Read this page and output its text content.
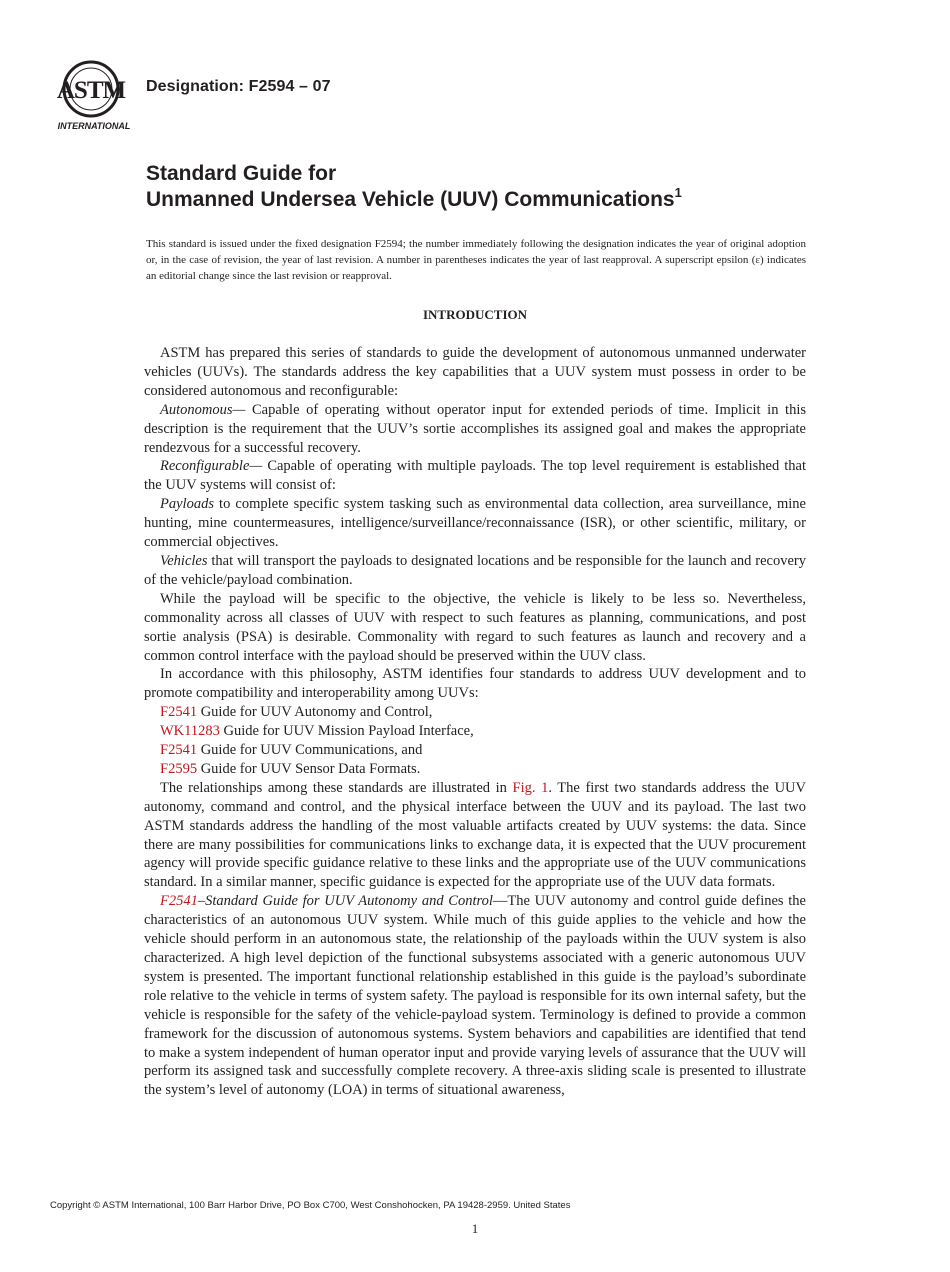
ASTM
INTERNATIONAL
Designation: F2594 – 07
Standard Guide for
Unmanned Undersea Vehicle (UUV) Communications$^1$
This standard is issued under the fixed designation F2594; the number immediately following the designation indicates the year of original adoption or, in the case of revision, the year of last revision. A number in parentheses indicates the year of last reapproval. A superscript epsilon (ε) indicates an editorial change since the last revision or reapproval.
INTRODUCTION

ASTM has prepared this series of standards to guide the development of autonomous unmanned underwater vehicles (UUVs). The standards address the key capabilities that a UUV system must possess in order to be considered autonomous and reconfigurable:

Autonomous— Capable of operating without operator input for extended periods of time. Implicit in this description is the requirement that the UUV’s sortie accomplishes its assigned goal and makes the appropriate rendezvous for a successful recovery.

Reconfigurable— Capable of operating with multiple payloads. The top level requirement is established that the UUV systems will consist of:

Payloads to complete specific system tasking such as environmental data collection, area surveillance, mine hunting, mine countermeasures, intelligence/surveillance/reconnaissance (ISR), or other scientific, military, or commercial objectives.

Vehicles that will transport the payloads to designated locations and be responsible for the launch and recovery of the vehicle/payload combination.

While the payload will be specific to the objective, the vehicle is likely to be less so. Nevertheless, commonality across all classes of UUV with respect to such features as planning, communications, and post sortie analysis (PSA) is desirable. Commonality with regard to such features as launch and recovery and a common control interface with the payload should be preserved within the UUV class.

In accordance with this philosophy, ASTM identifies four standards to address UUV development and to promote compatibility and interoperability among UUVs:

F2541 Guide for UUV Autonomy and Control,

WK11283 Guide for UUV Mission Payload Interface,

F2541 Guide for UUV Communications, and

F2595 Guide for UUV Sensor Data Formats.

The relationships among these standards are illustrated in Fig. 1. The first two standards address the UUV autonomy, command and control, and the physical interface between the UUV and its payload. The last two ASTM standards address the handling of the most valuable artifacts created by UUV systems: the data. Since there are many possibilities for communications links to exchange data, it is expected that the UUV procurement agency will provide specific guidance relative to these links and the appropriate use of the UUV communications standard. In a similar manner, specific guidance is expected for the appropriate use of the UUV data formats.

F2541–Standard Guide for UUV Autonomy and Control—The UUV autonomy and control guide defines the characteristics of an autonomous UUV system. While much of this guide applies to the vehicle and how the vehicle should perform in an autonomous state, the relationship of the payloads within the UUV system is also characterized. A high level depiction of the functional subsystems associated with a generic autonomous UUV system is presented. The important functional relationship established in this guide is the payload’s subordinate role relative to the vehicle in terms of system safety. The payload is responsible for its own internal safety, but the vehicle is responsible for the safety of the vehicle-payload system. Terminology is defined to provide a common framework for the discussion of autonomous systems. System behaviors and capabilities are identified that tend to make a system independent of human operator input and provide varying levels of assurance that the UUV will perform its assigned task and successfully complete recovery. A three-axis sliding scale is presented to illustrate the system’s level of autonomy (LOA) in terms of situational awareness,

Copyright © ASTM International, 100 Barr Harbor Drive, PO Box C700, West Conshohocken, PA 19428-2959. United States
1
